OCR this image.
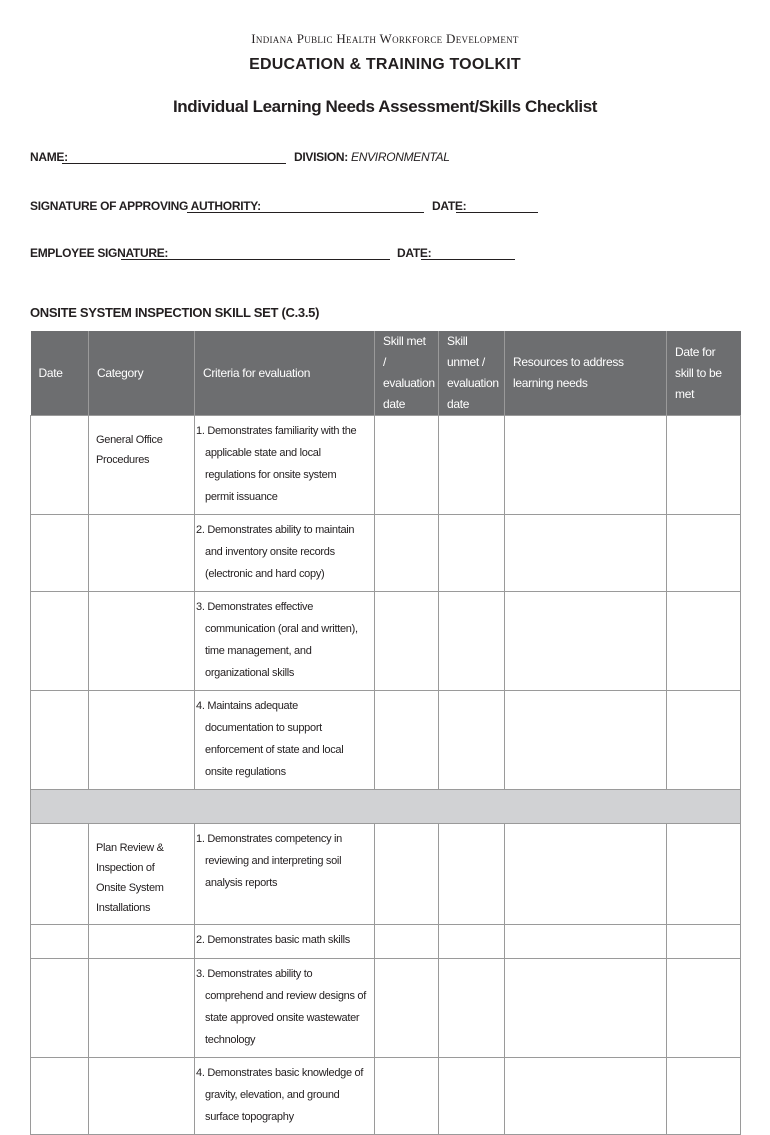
Indiana Public Health Workforce Development
EDUCATION & TRAINING TOOLKIT
Individual Learning Needs Assessment/Skills Checklist
NAME:	DIVISION: ENVIRONMENTAL
SIGNATURE OF APPROVING AUTHORITY:	DATE:
EMPLOYEE SIGNATURE:	DATE:
ONSITE SYSTEM INSPECTION SKILL SET (C.3.5)
Date	Category	Criteria for evaluation	Skill met / evaluation date	Skill unmet / evaluation date	Resources to address learning needs	Date for skill to be met
	General Office Procedures	1. Demonstrates familiarity with the applicable state and local regulations for onsite system permit issuance				
		2. Demonstrates ability to maintain and inventory onsite records (electronic and hard copy)				
		3. Demonstrates effective communication (oral and written), time management, and organizational skills				
		4. Maintains adequate documentation to support enforcement of state and local onsite regulations				

	Plan Review & Inspection of Onsite System Installations	1. Demonstrates competency in reviewing and interpreting soil analysis reports				
		2. Demonstrates basic math skills				
		3. Demonstrates ability to comprehend and review designs of state approved onsite wastewater technology				
		4. Demonstrates basic knowledge of gravity, elevation, and ground surface topography				
